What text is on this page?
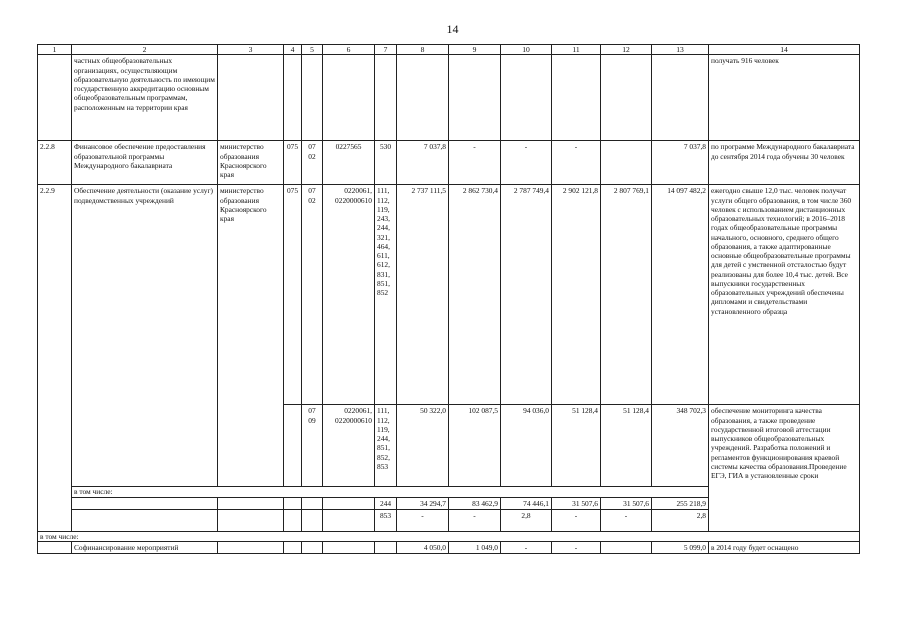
14
1	2	3	4	5	6	7	8	9	10	11	12	13	14
	частных общеобразовательных организациях, осуществляющим образовательную деятельность по имеющим государственную аккредитацию основным общеобразовательным программам, расположенным на территории края												получать 916 человек
2.2.8	Финансовое обеспечение предоставления образовательной программы Международного бакалавриата	министерство образования Красноярского края	075	07 02	0227565	530	7 037,8	-	-	-		7 037,8	по программе Международного бакалавриата до сентября 2014 года обучены 30 человек
2.2.9	Обеспечение деятельности (оказание услуг) подведомственных учреждений	министерство образования Красноярского края	075	07 02	0220061, 0220000610	111, 112, 119, 243, 244, 321, 464, 611, 612, 831, 851, 852	2 737 111,5	2 862 730,4	2 787 749,4	2 902 121,8	2 807 769,1	14 097 482,2	ежегодно свыше 12,0 тыс. человек получат услуги общего образования, в том числе 360 человек с использованием дистанционных образовательных технологий; в 2016–2018 годах общеобразовательные программы начального, основного, среднего общего образования, а также адаптированные основные общеобразовательные программы для детей с умственной отсталостью будут реализованы для более 10,4 тыс. детей. Все выпускники государственных образовательных учреждений обеспечены дипломами и свидетельствами установленного образца
				07 09	0220061, 0220000610	111, 112, 119, 244, 851, 852, 853	50 322,0	102 087,5	94 036,0	51 128,4	51 128,4	348 702,3	обеспечение мониторинга качества образования, а также проведение государственной итоговой аттестации выпускников общеобразовательных учреждений. Разработка положений и регламентов функционирования краевой системы качества образования.Проведение ЕГЭ, ГИА в установленные сроки
	в том числе:												
						244	34 294,7	83 462,9	74 446,1	31 507,6	31 507,6	255 218,9	
						853	-	-	2,8	-	-	2,8	
в том числе:													
	Софинансирование мероприятий						4 050,0	1 049,0	-	-		5 099,0	в 2014 году будет оснащено
